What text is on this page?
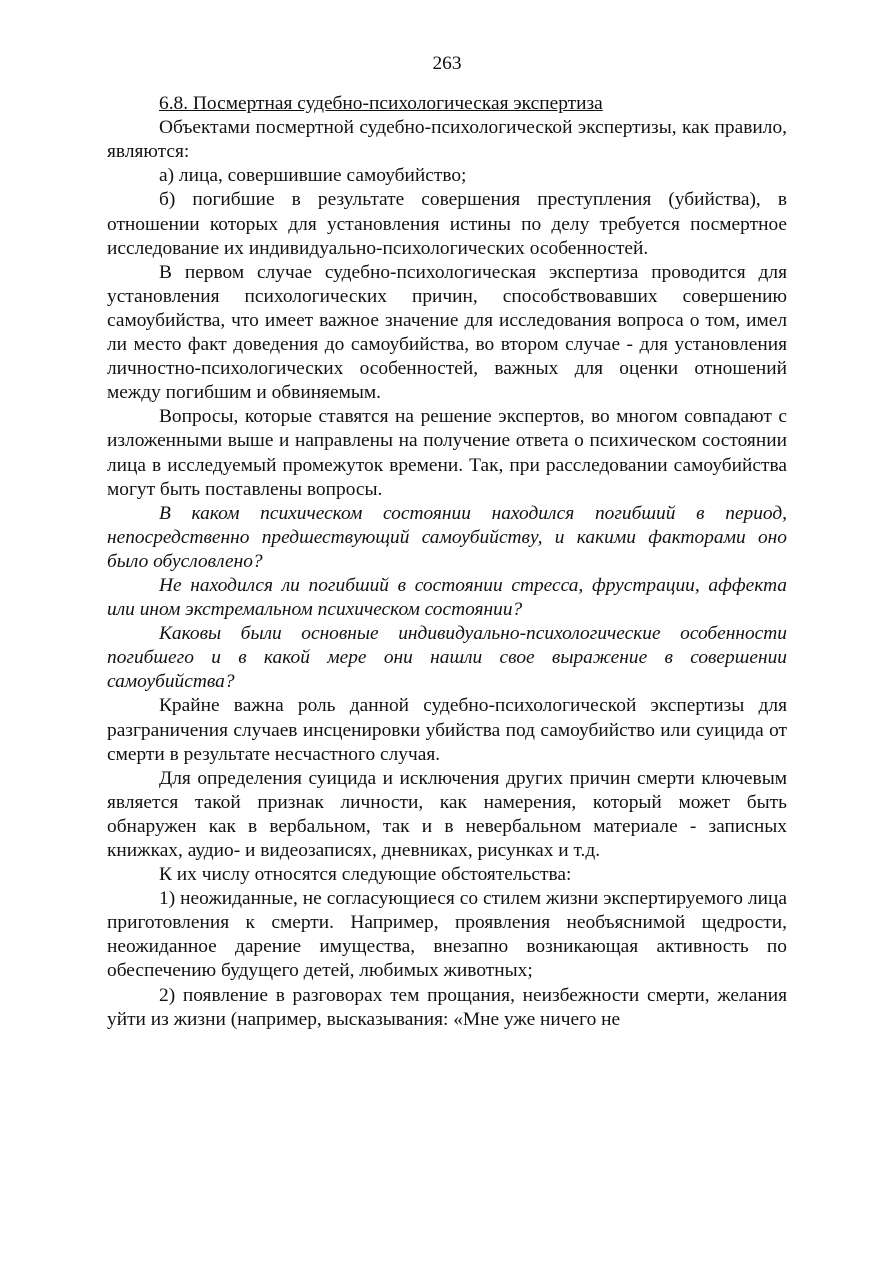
263
6.8. Посмертная судебно-психологическая экспертиза

Объектами посмертной судебно-психологической экспертизы, как правило, являются:

а) лица, совершившие самоубийство;

б) погибшие в результате совершения преступления (убийства), в отношении которых для установления истины по делу требуется посмертное исследование их индивидуально-психологических особенностей.

В первом случае судебно-психологическая экспертиза проводится для установления психологических причин, способствовавших совершению самоубийства, что имеет важное значение для исследования вопроса о том, имел ли место факт доведения до самоубийства, во втором случае - для установления личностно-психологических особенностей, важных для оценки отношений между погибшим и обвиняемым.

Вопросы, которые ставятся на решение экспертов, во многом совпадают с изложенными выше и направлены на получение ответа о психическом состоянии лица в исследуемый промежуток времени. Так, при расследовании самоубийства могут быть поставлены вопросы.

В каком психическом состоянии находился погибший в период, непосредственно предшествующий самоубийству, и какими факторами оно было обусловлено?

Не находился ли погибший в состоянии стресса, фрустрации, аффекта или ином экстремальном психическом состоянии?

Каковы были основные индивидуально-психологические особенности погибшего и в какой мере они нашли свое выражение в совершении самоубийства?

Крайне важна роль данной судебно-психологической экспертизы для разграничения случаев инсценировки убийства под самоубийство или суицида от смерти в результате несчастного случая.

Для определения суицида и исключения других причин смерти ключевым является такой признак личности, как намерения, который может быть обнаружен как в вербальном, так и в невербальном материале - записных книжках, аудио- и видеозаписях, дневниках, рисунках и т.д.

К их числу относятся следующие обстоятельства:

1) неожиданные, не согласующиеся со стилем жизни экспертируемого лица приготовления к смерти. Например, проявления необъяснимой щедрости, неожиданное дарение имущества, внезапно возникающая активность по обеспечению будущего детей, любимых животных;

2) появление в разговорах тем прощания, неизбежности смерти, желания уйти из жизни (например, высказывания: «Мне уже ничего не
